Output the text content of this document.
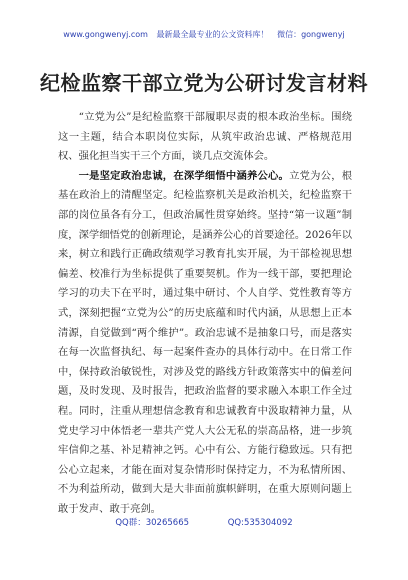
www.gongwenyj.com 最新最全最专业的公文资料库！ 微信：gongwenyj
纪检监察干部立党为公研讨发言材料

“立党为公”是纪检监察干部履职尽责的根本政治坐标。围绕这一主题，结合本职岗位实际，从筑牢政治忠诚、严格规范用权、强化担当实干三个方面，谈几点交流体会。

一是坚定政治忠诚，在深学细悟中涵养公心。立党为公，根基在政治上的清醒坚定。纪检监察机关是政治机关，纪检监察干部的岗位虽各有分工，但政治属性贯穿始终。坚持“第一议题”制度，深学细悟党的创新理论，是涵养公心的首要途径。2026年以来，树立和践行正确政绩观学习教育扎实开展，为干部检视思想偏差、校准行为坐标提供了重要契机。作为一线干部，要把理论学习的功夫下在平时，通过集中研讨、个人自学、党性教育等方式，深刻把握“立党为公”的历史底蕴和时代内涵，从思想上正本清源，自觉做到“两个维护”。政治忠诚不是抽象口号，而是落实在每一次监督执纪、每一起案件查办的具体行动中。在日常工作中，保持政治敏锐性，对涉及党的路线方针政策落实中的偏差问题，及时发现、及时报告，把政治监督的要求融入本职工作全过程。同时，注重从理想信念教育和忠诚教育中汲取精神力量，从党史学习中体悟老一辈共产党人大公无私的崇高品格，进一步筑牢信仰之基、补足精神之钙。心中有公、方能行稳致远。只有把公心立起来，才能在面对复杂情形时保持定力，不为私情所困、不为利益所动，做到大是大非面前旗帜鲜明，在重大原则问题上敢于发声、敢于亮剑。

QQ群：30265665	QQ:535304092
